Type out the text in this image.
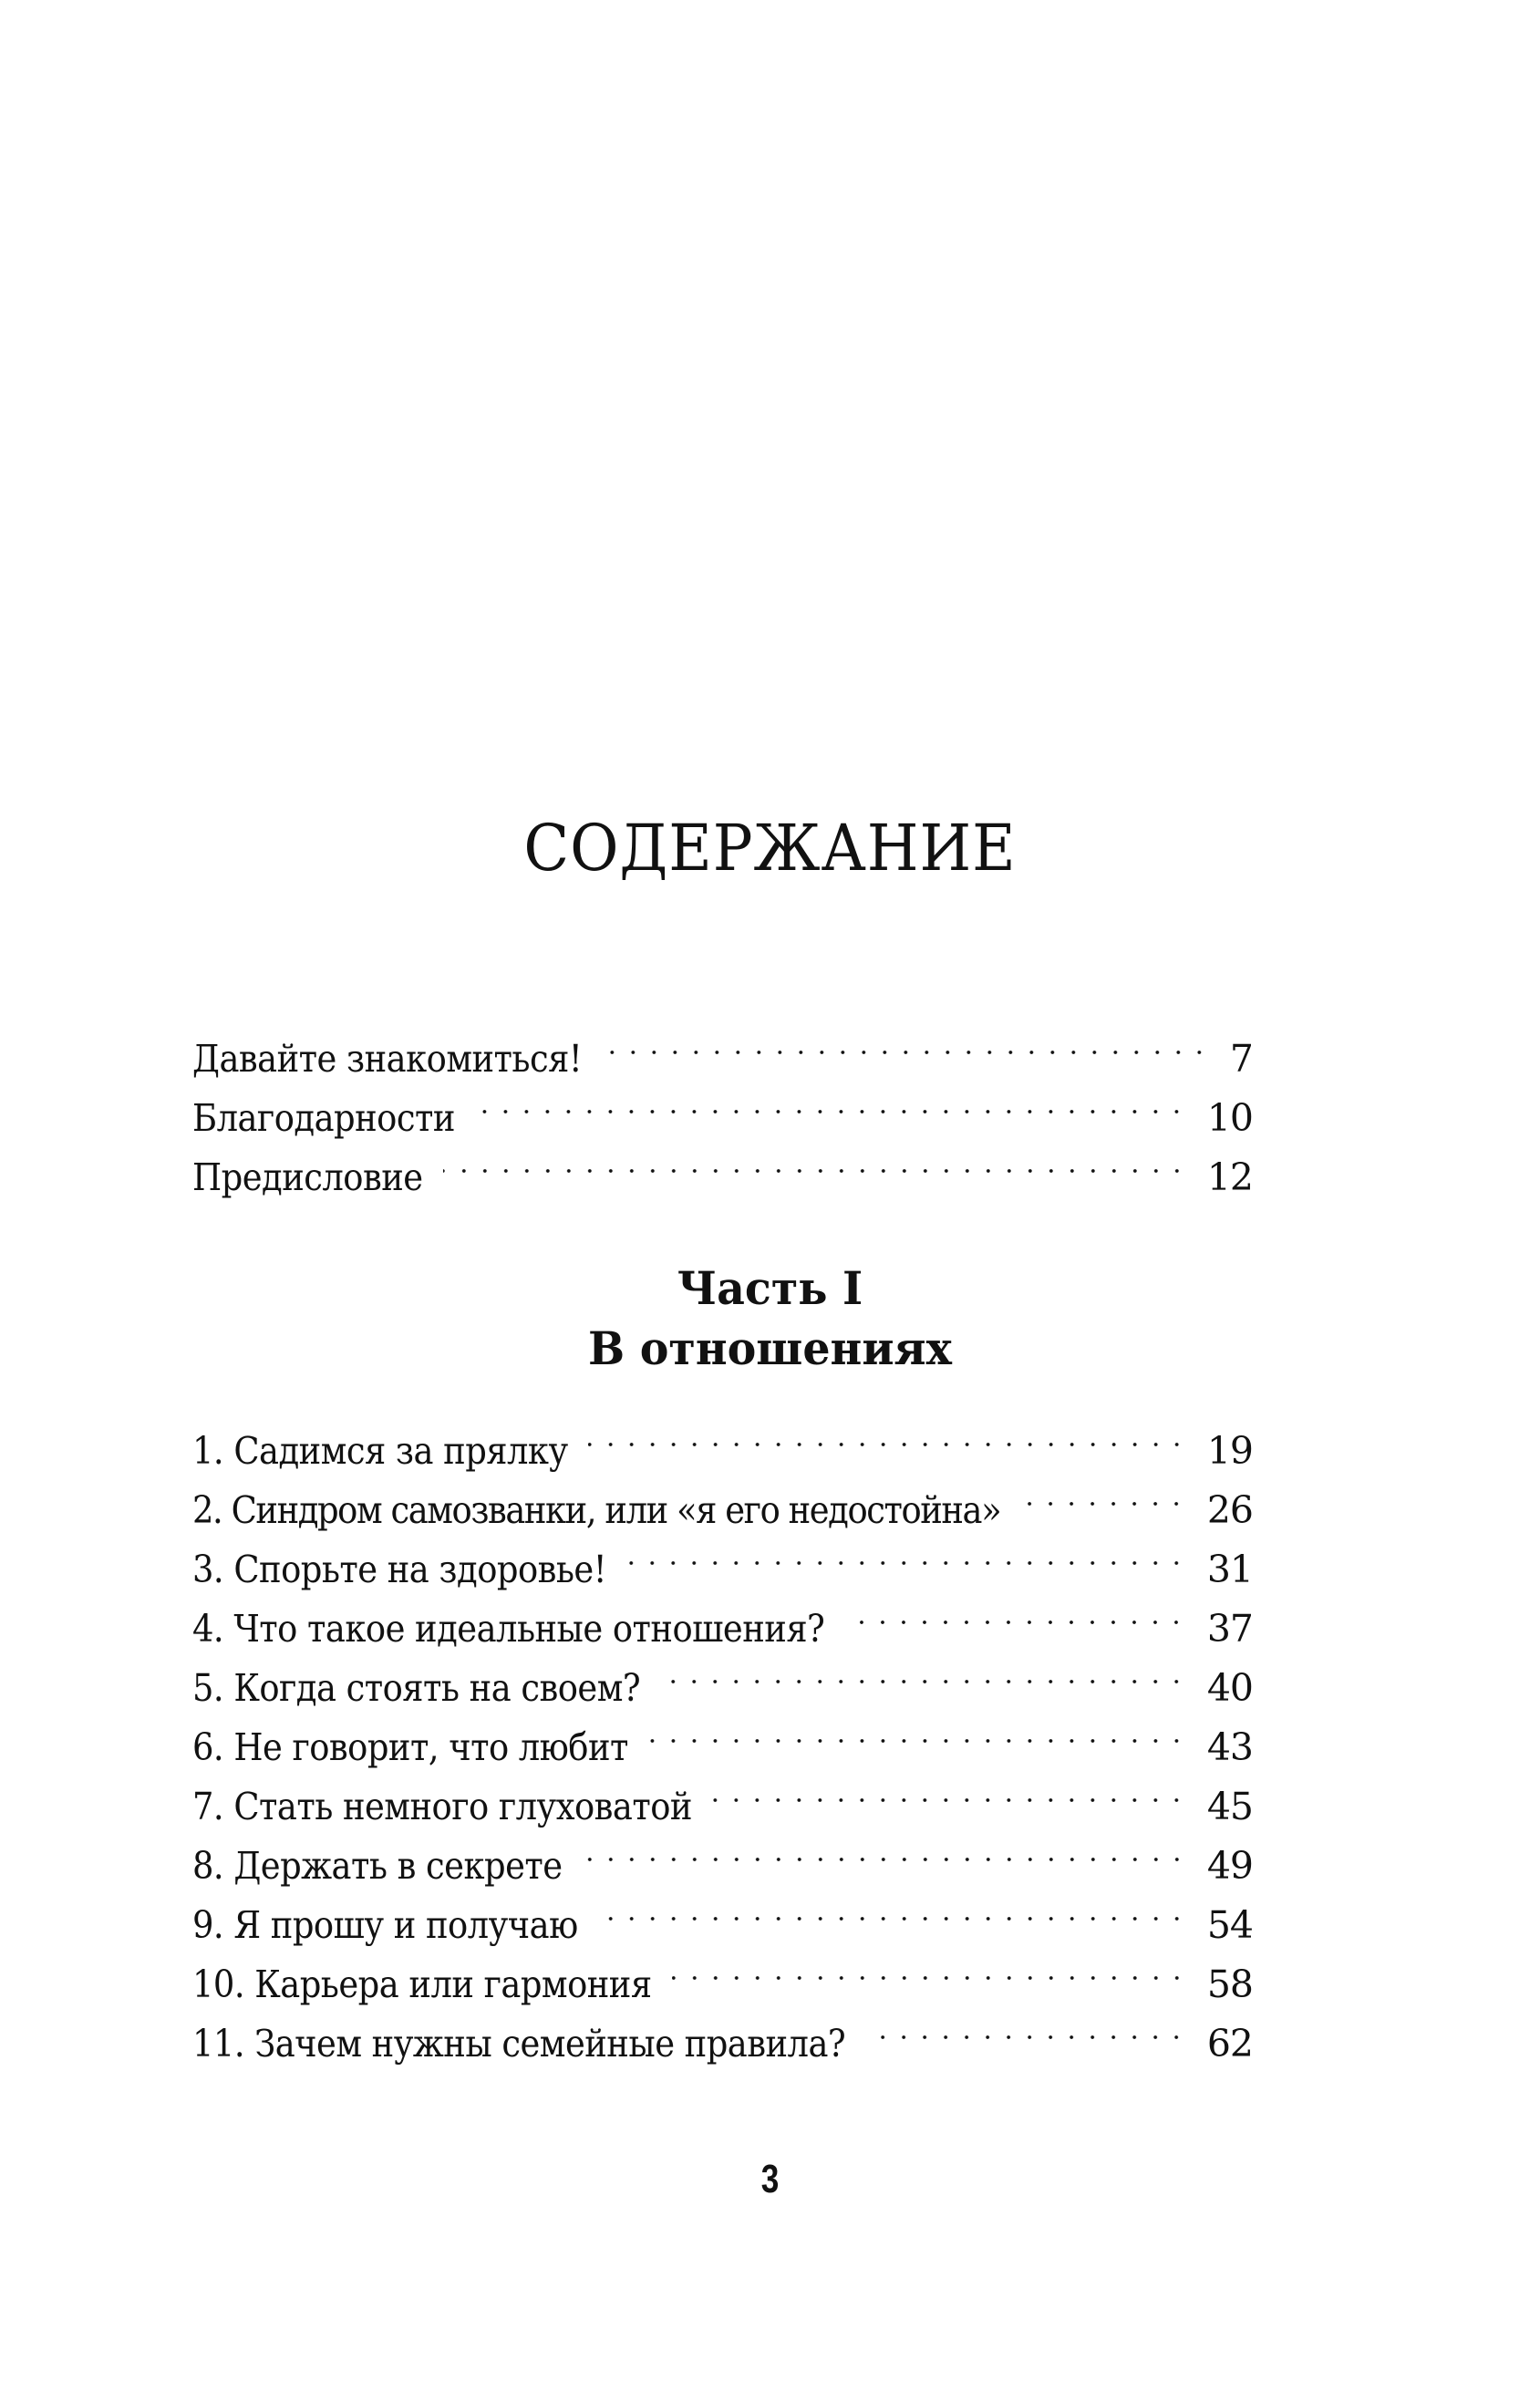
СОДЕРЖАНИЕ
Давайте знакомиться!	7
Благодарности	10
Предисловие	12
Часть I
В отношениях
1. Садимся за прялку	19
2. Синдром самозванки, или «я его недостойна»	26
3. Спорьте на здоровье!	31
4. Что такое идеальные отношения?	37
5. Когда стоять на своем?	40
6. Не говорит, что любит	43
7. Стать немного глуховатой	45
8. Держать в секрете	49
9. Я прошу и получаю	54
10. Карьера или гармония	58
11. Зачем нужны семейные правила?	62
3
